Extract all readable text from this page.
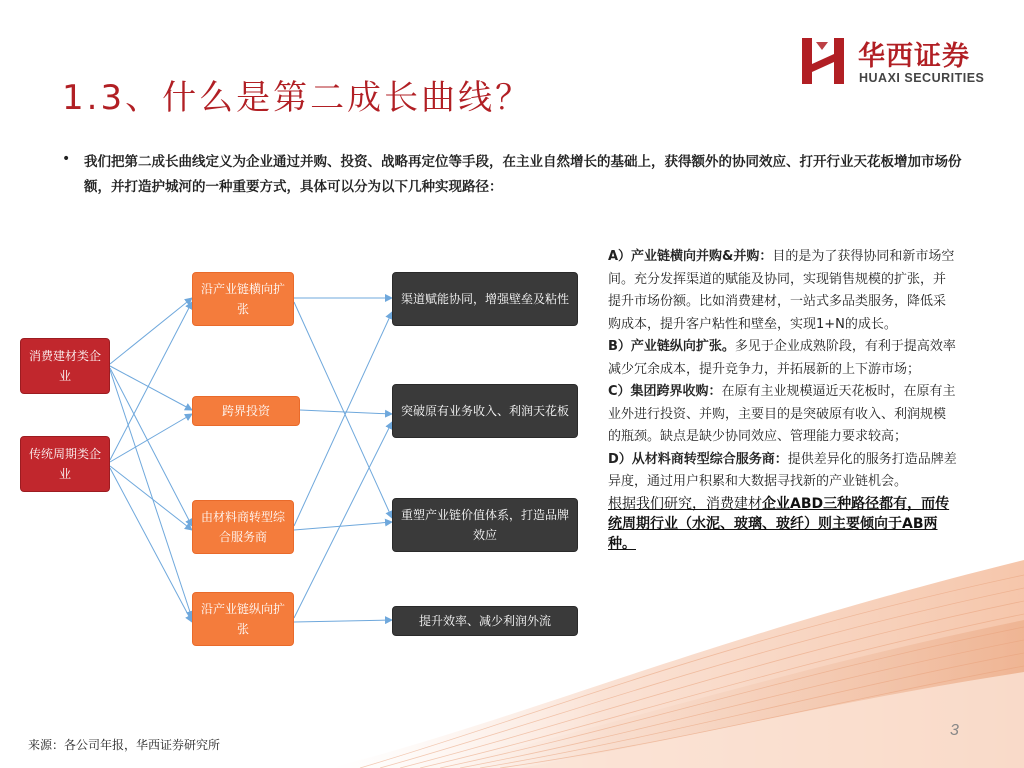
1.3、什么是第二成长曲线？
华西证券
HUAXI SECURITIES
• 我们把第二成长曲线定义为企业通过并购、投资、战略再定位等手段，在主业自然增长的基础上，获得额外的协同效应、打开行业天花板增加市场份额，并打造护城河的一种重要方式，具体可以分为以下几种实现路径：
消费建材类企业
传统周期类企业
沿产业链横向扩张
跨界投资
由材料商转型综合服务商
沿产业链纵向扩张
渠道赋能协同，增强壁垒及粘性
突破原有业务收入、利润天花板
重塑产业链价值体系，打造品牌效应
提升效率、减少利润外流

A）产业链横向并购&并购：目的是为了获得协同和新市场空间。充分发挥渠道的赋能及协同，实现销售规模的扩张，并提升市场份额。比如消费建材，一站式多品类服务，降低采购成本，提升客户粘性和壁垒，实现1+N的成长。

B）产业链纵向扩张。多见于企业成熟阶段，有利于提高效率减少冗余成本，提升竞争力，并拓展新的上下游市场；

C）集团跨界收购：在原有主业规模逼近天花板时，在原有主业外进行投资、并购，主要目的是突破原有收入、利润规模的瓶颈。缺点是缺少协同效应、管理能力要求较高；

D）从材料商转型综合服务商：提供差异化的服务打造品牌差异度，通过用户积累和大数据寻找新的产业链机会。

根据我们研究，消费建材企业ABD三种路径都有，而传统周期行业（水泥、玻璃、玻纤）则主要倾向于AB两种。

来源：各公司年报，华西证券研究所
3
